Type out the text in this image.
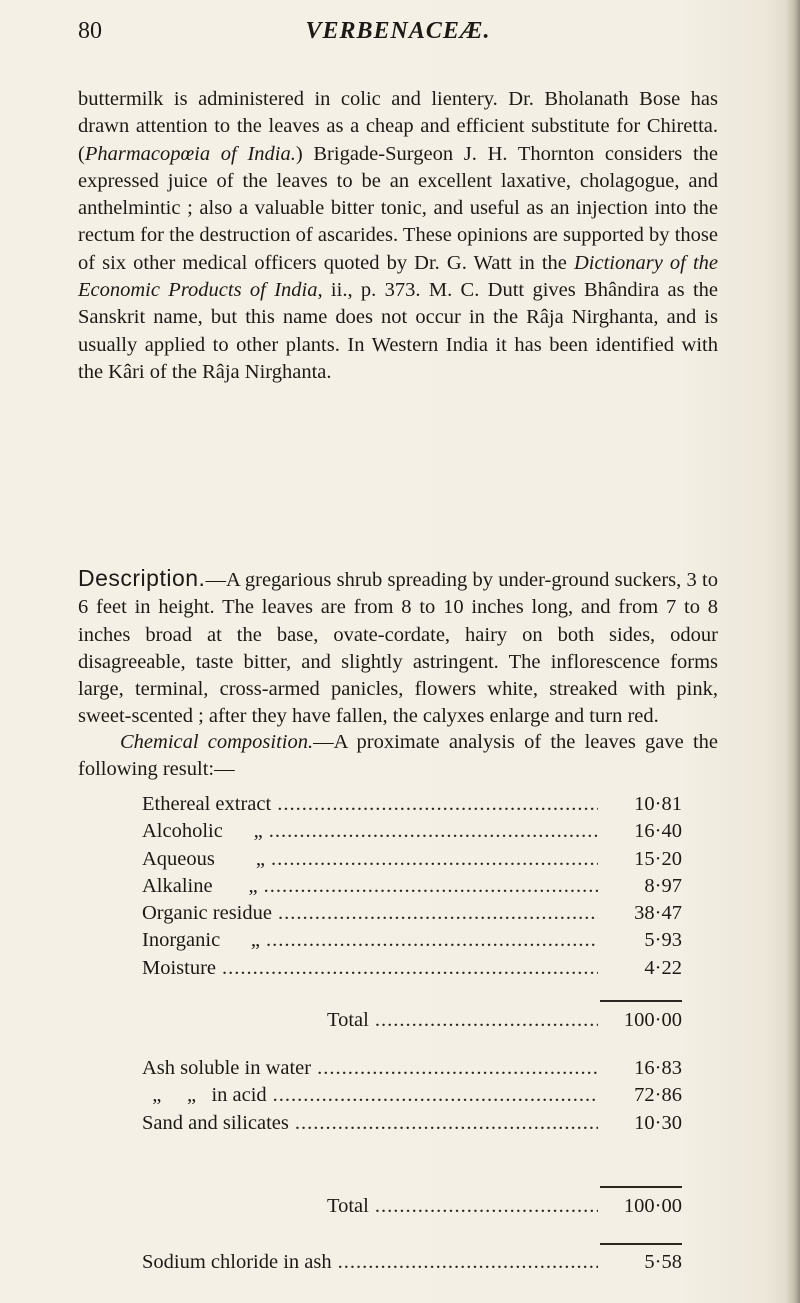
80	VERBENACEÆ.
buttermilk is administered in colic and lientery. Dr. Bholanath Bose has drawn attention to the leaves as a cheap and efficient substitute for Chiretta. (Pharmacopœia of India.) Brigade-Surgeon J. H. Thornton considers the expressed juice of the leaves to be an excellent laxative, cholagogue, and anthelmintic ; also a valuable bitter tonic, and useful as an injection into the rectum for the destruction of ascarides. These opinions are supported by those of six other medical officers quoted by Dr. G. Watt in the Dictionary of the Economic Products of India, ii., p. 373. M. C. Dutt gives Bhândira as the Sanskrit name, but this name does not occur in the Râja Nirghanta, and is usually applied to other plants. In Western India it has been identified with the Kâri of the Râja Nirghanta.
Description.—A gregarious shrub spreading by under-ground suckers, 3 to 6 feet in height. The leaves are from 8 to 10 inches long, and from 7 to 8 inches broad at the base, ovate-cordate, hairy on both sides, odour disagreeable, taste bitter, and slightly astringent. The inflorescence forms large, terminal, cross-armed panicles, flowers white, streaked with pink, sweet-scented ; after they have fallen, the calyxes enlarge and turn red.
Chemical composition.—A proximate analysis of the leaves gave the following result:—
Ethereal extract .....	10·81
Alcoholic      „ .....	16·40
Aqueous        „ .....	15·20
Alkaline       „ .....	8·97
Organic residue .....	38·47
Inorganic      „ .....	5·93
Moisture .....	4·22
Total .....	100·00
Ash soluble in water .....	16·83
„     „   in acid .....	72·86
Sand and silicates .....	10·30
Total .....	100·00
Sodium chloride in ash .....	5·58
